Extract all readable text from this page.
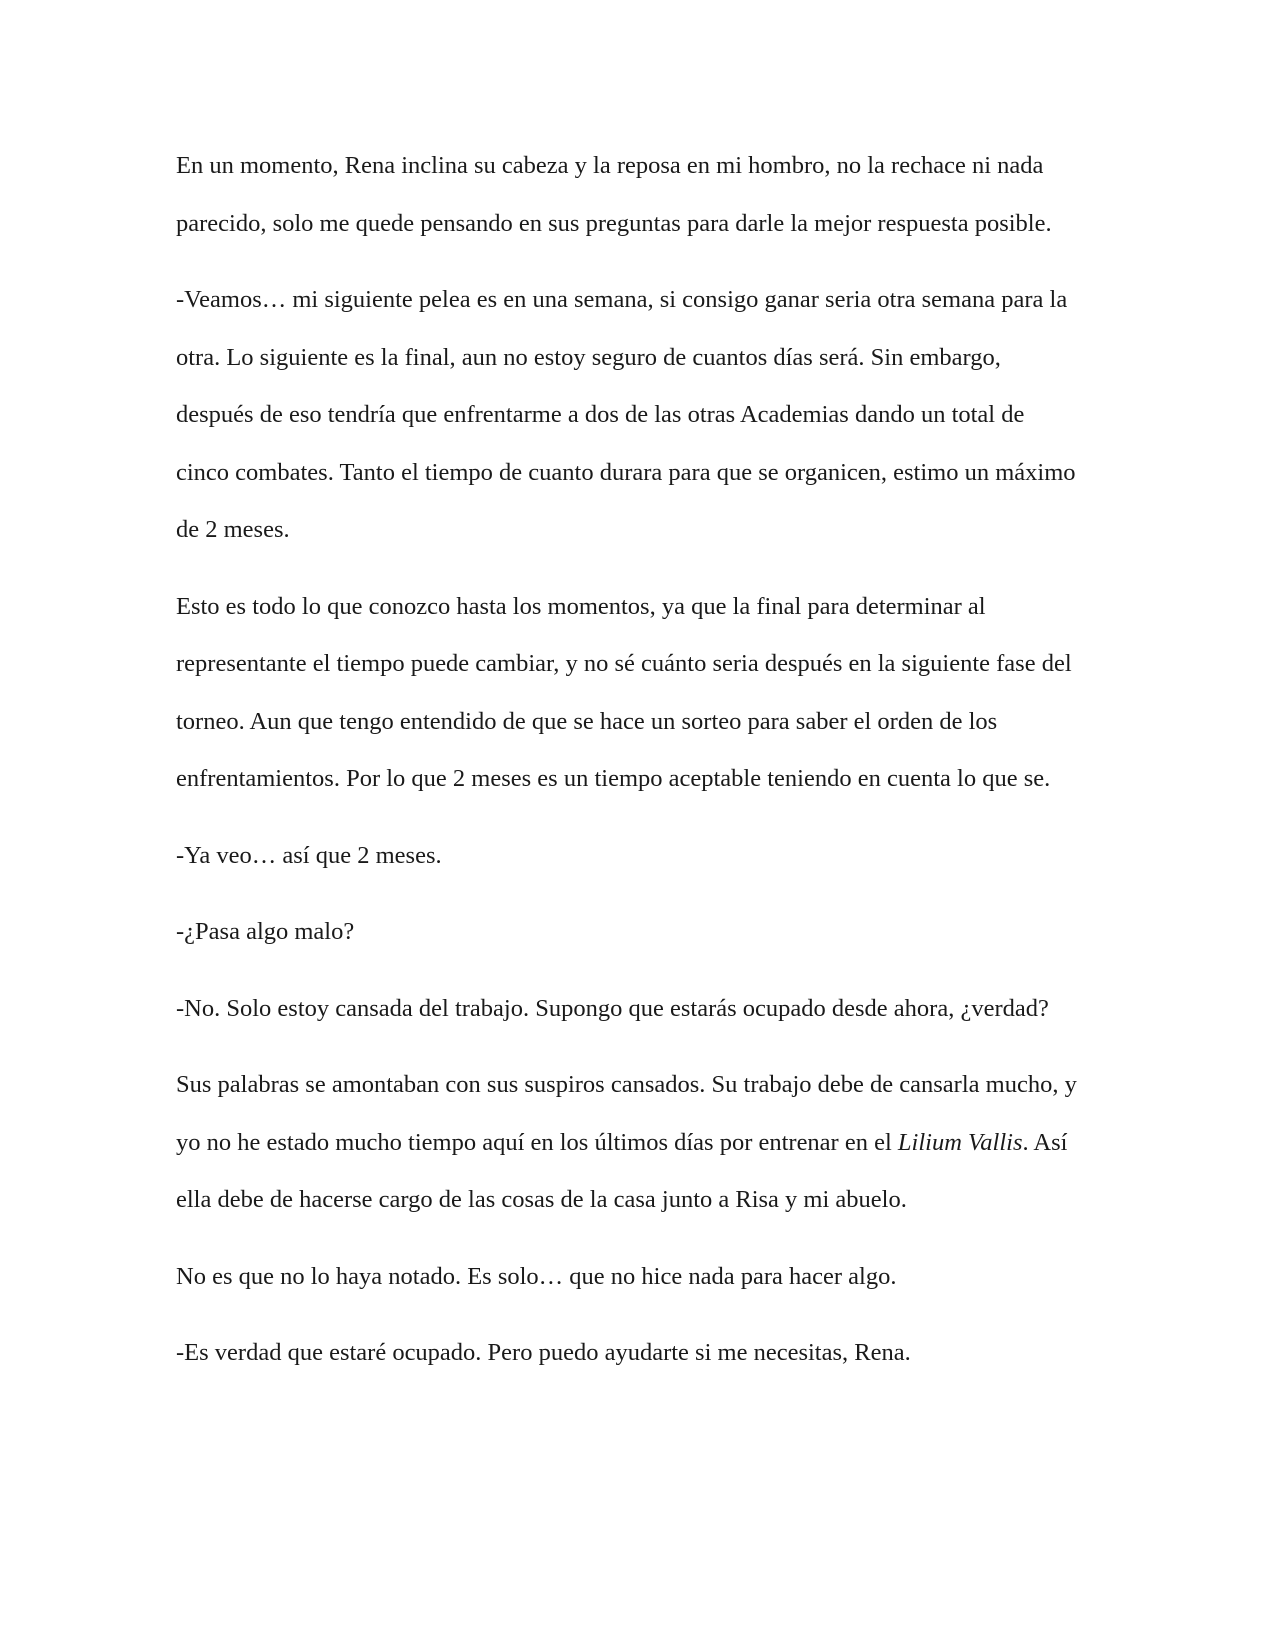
En un momento, Rena inclina su cabeza y la reposa en mi hombro, no la rechace ni nada
parecido, solo me quede pensando en sus preguntas para darle la mejor respuesta posible.

-Veamos… mi siguiente pelea es en una semana, si consigo ganar seria otra semana para la
otra. Lo siguiente es la final, aun no estoy seguro de cuantos días será. Sin embargo,
después de eso tendría que enfrentarme a dos de las otras Academias dando un total de
cinco combates. Tanto el tiempo de cuanto durara para que se organicen, estimo un máximo
de 2 meses.

Esto es todo lo que conozco hasta los momentos, ya que la final para determinar al
representante el tiempo puede cambiar, y no sé cuánto seria después en la siguiente fase del
torneo. Aun que tengo entendido de que se hace un sorteo para saber el orden de los
enfrentamientos. Por lo que 2 meses es un tiempo aceptable teniendo en cuenta lo que se.

-Ya veo… así que 2 meses.

-¿Pasa algo malo?

-No. Solo estoy cansada del trabajo. Supongo que estarás ocupado desde ahora, ¿verdad?

Sus palabras se amontaban con sus suspiros cansados. Su trabajo debe de cansarla mucho, y
yo no he estado mucho tiempo aquí en los últimos días por entrenar en el Lilium Vallis. Así
ella debe de hacerse cargo de las cosas de la casa junto a Risa y mi abuelo.

No es que no lo haya notado. Es solo… que no hice nada para hacer algo.

-Es verdad que estaré ocupado. Pero puedo ayudarte si me necesitas, Rena.
